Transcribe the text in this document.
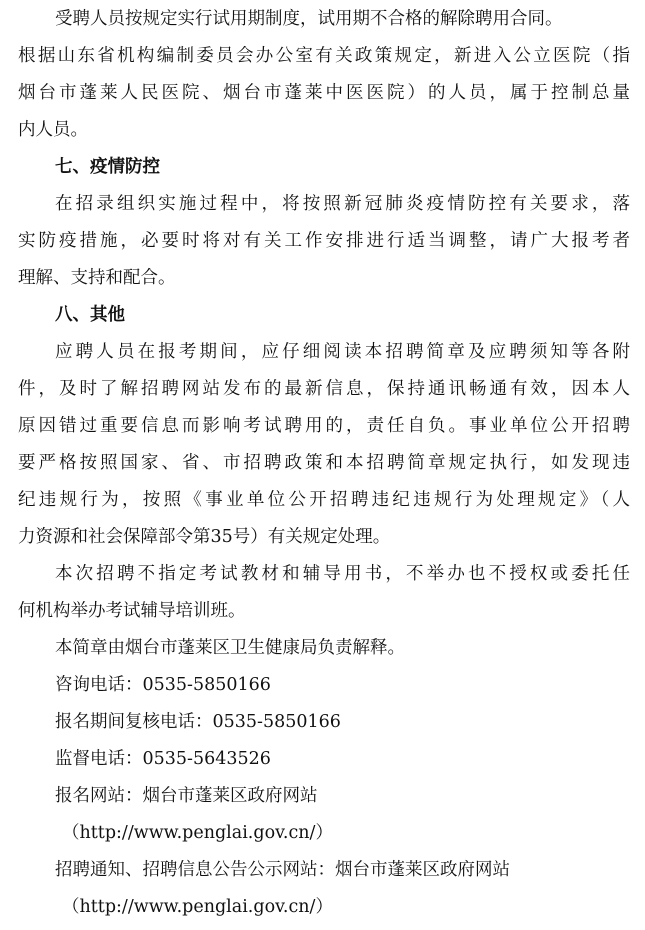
受聘人员按规定实行试用期制度，试用期不合格的解除聘用合同。
根据山东省机构编制委员会办公室有关政策规定，新进入公立医院（指
烟台市蓬莱人民医院、烟台市蓬莱中医医院）的人员，属于控制总量
内人员。
七、疫情防控
在招录组织实施过程中，将按照新冠肺炎疫情防控有关要求，落
实防疫措施，必要时将对有关工作安排进行适当调整，请广大报考者
理解、支持和配合。
八、其他
应聘人员在报考期间，应仔细阅读本招聘简章及应聘须知等各附
件，及时了解招聘网站发布的最新信息，保持通讯畅通有效，因本人
原因错过重要信息而影响考试聘用的，责任自负。事业单位公开招聘
要严格按照国家、省、市招聘政策和本招聘简章规定执行，如发现违
纪违规行为，按照《事业单位公开招聘违纪违规行为处理规定》（人
力资源和社会保障部令第35号）有关规定处理。
本次招聘不指定考试教材和辅导用书，不举办也不授权或委托任
何机构举办考试辅导培训班。
本简章由烟台市蓬莱区卫生健康局负责解释。
咨询电话：0535-5850166
报名期间复核电话：0535-5850166
监督电话：0535-5643526
报名网站：烟台市蓬莱区政府网站
（http://www.penglai.gov.cn/）
招聘通知、招聘信息公告公示网站：烟台市蓬莱区政府网站
（http://www.penglai.gov.cn/）
